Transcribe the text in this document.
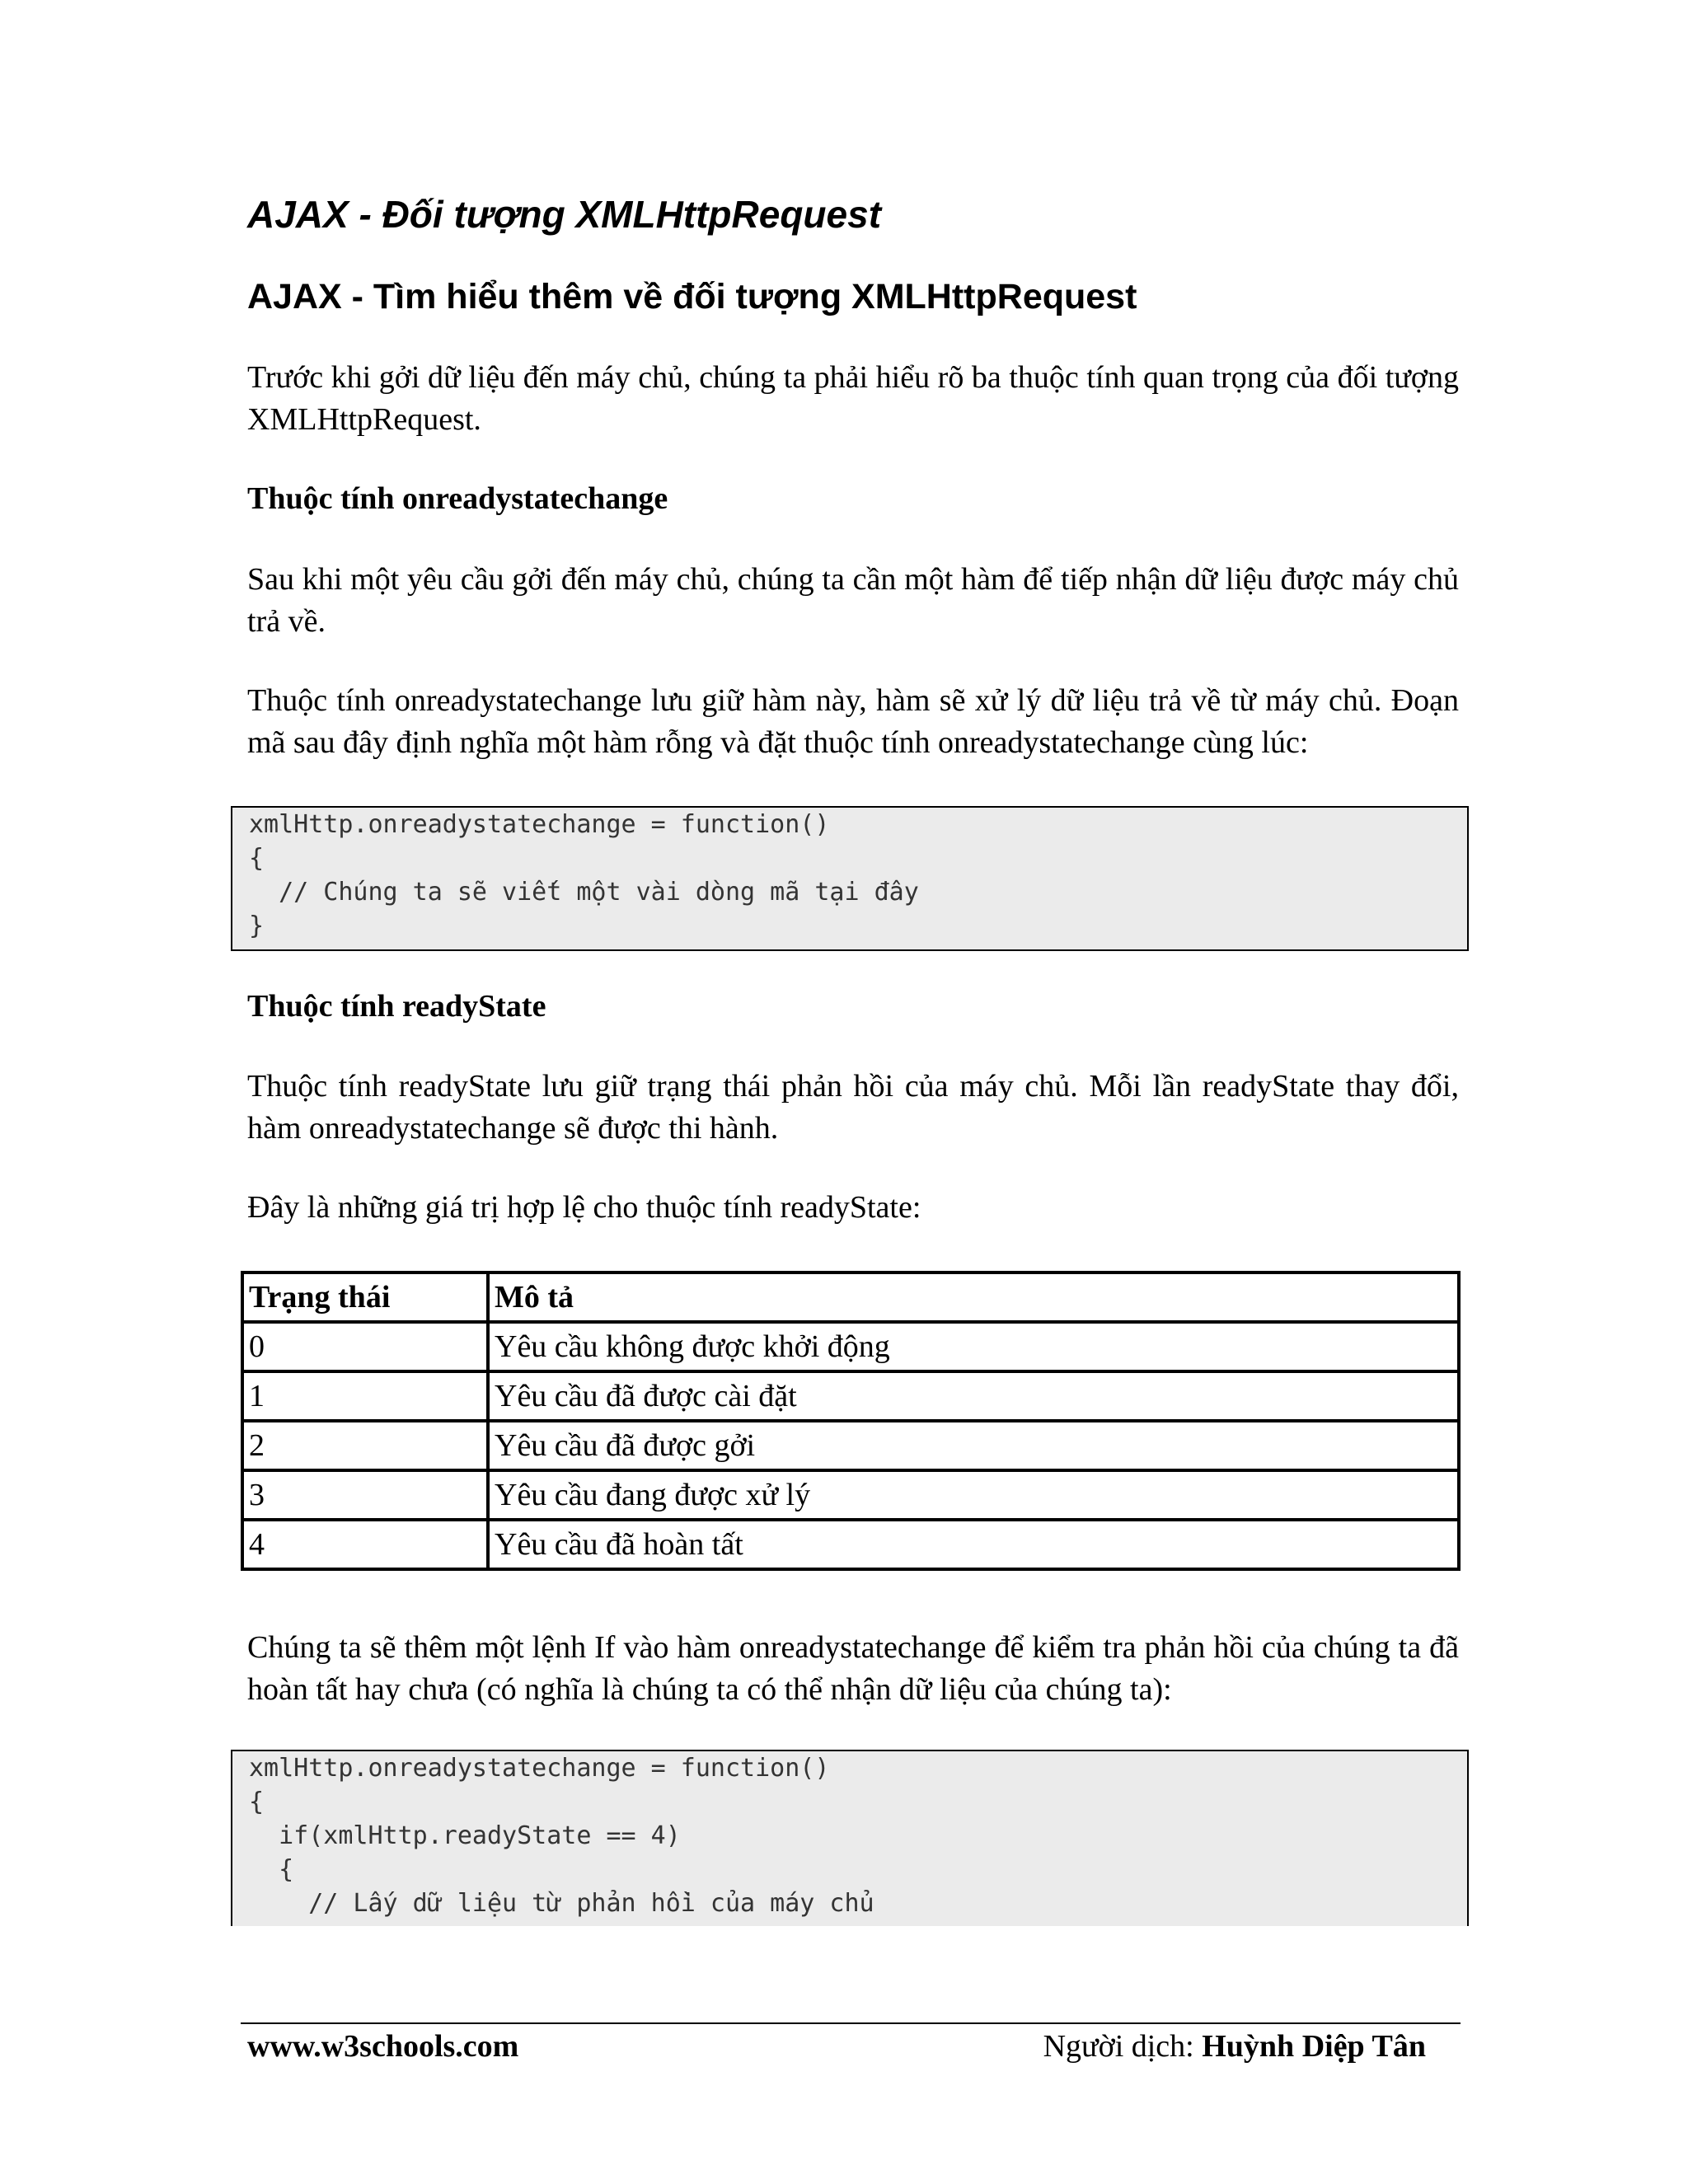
AJAX - Đối tượng XMLHttpRequest
AJAX - Tìm hiểu thêm về đối tượng XMLHttpRequest

Trước khi gởi dữ liệu đến máy chủ, chúng ta phải hiểu rõ ba thuộc tính quan trọng của đối tượng XMLHttpRequest.

Thuộc tính onreadystatechange

Sau khi một yêu cầu gởi đến máy chủ, chúng ta cần một hàm để tiếp nhận dữ liệu được máy chủ trả về.

Thuộc tính onreadystatechange lưu giữ hàm này, hàm sẽ xử lý dữ liệu trả về từ máy chủ. Đoạn mã sau đây định nghĩa một hàm rỗng và đặt thuộc tính onreadystatechange cùng lúc:

xmlHttp.onreadystatechange = function()
{
// Chúng ta sẽ viết một vài dòng mã tại đây
}
Thuộc tính readyState

Thuộc tính readyState lưu giữ trạng thái phản hồi của máy chủ. Mỗi lần readyState thay đổi, hàm onreadystatechange sẽ được thi hành.

Đây là những giá trị hợp lệ cho thuộc tính readyState:

Trạng thái	Mô tả
0	Yêu cầu không được khởi động
1	Yêu cầu đã được cài đặt
2	Yêu cầu đã được gởi
3	Yêu cầu đang được xử lý
4	Yêu cầu đã hoàn tất

Chúng ta sẽ thêm một lệnh If vào hàm onreadystatechange để kiểm tra phản hồi của chúng ta đã hoàn tất hay chưa (có nghĩa là chúng ta có thể nhận dữ liệu của chúng ta):

xmlHttp.onreadystatechange = function()
{
if(xmlHttp.readyState == 4)
{
// Lấy dữ liệu từ phản hồi của máy chủ

www.w3schools.com	Người dịch: Huỳnh Diệp Tân
